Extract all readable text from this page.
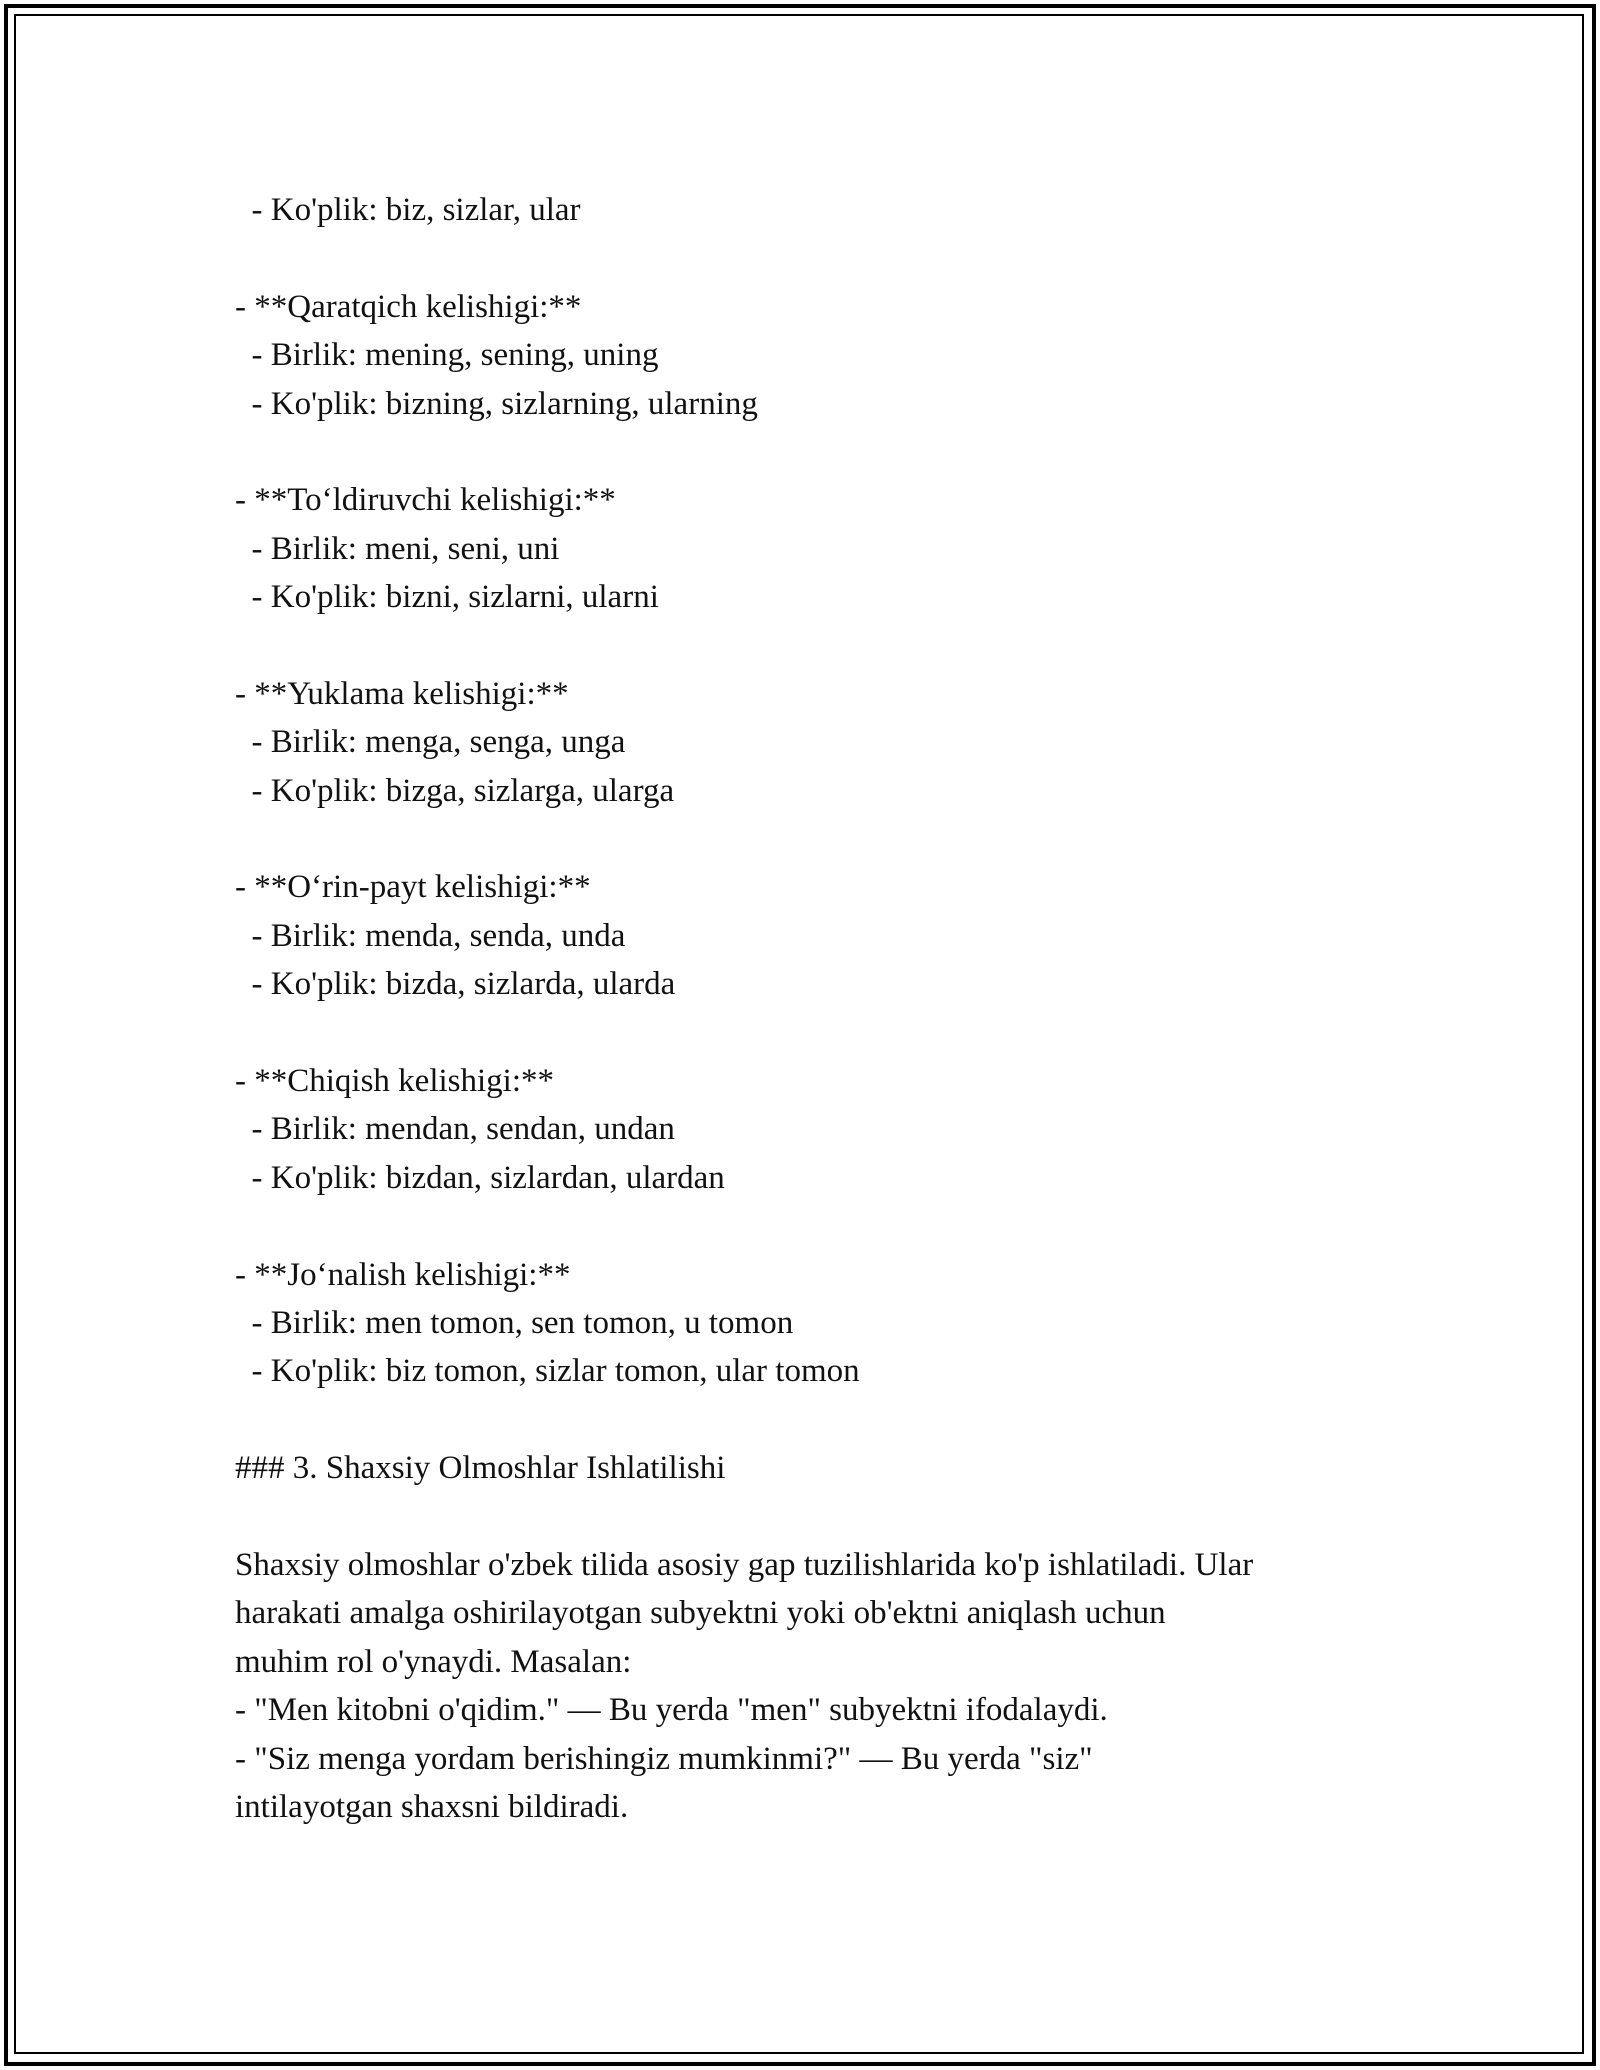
- Ko'plik: biz, sizlar, ular
- **Qaratqich kelishigi:**
- Birlik: mening, sening, uning
- Ko'plik: bizning, sizlarning, ularning
- **To‘ldiruvchi kelishigi:**
- Birlik: meni, seni, uni
- Ko'plik: bizni, sizlarni, ularni
- **Yuklama kelishigi:**
- Birlik: menga, senga, unga
- Ko'plik: bizga, sizlarga, ularga
- **O‘rin-payt kelishigi:**
- Birlik: menda, senda, unda
- Ko'plik: bizda, sizlarda, ularda
- **Chiqish kelishigi:**
- Birlik: mendan, sendan, undan
- Ko'plik: bizdan, sizlardan, ulardan
- **Jo‘nalish kelishigi:**
- Birlik: men tomon, sen tomon, u tomon
- Ko'plik: biz tomon, sizlar tomon, ular tomon
### 3. Shaxsiy Olmoshlar Ishlatilishi
Shaxsiy olmoshlar o'zbek tilida asosiy gap tuzilishlarida ko'p ishlatiladi. Ular
harakati amalga oshirilayotgan subyektni yoki ob'ektni aniqlash uchun
muhim rol o'ynaydi. Masalan:
- "Men kitobni o'qidim." — Bu yerda "men" subyektni ifodalaydi.
- "Siz menga yordam berishingiz mumkinmi?" — Bu yerda "siz"
intilayotgan shaxsni bildiradi.
